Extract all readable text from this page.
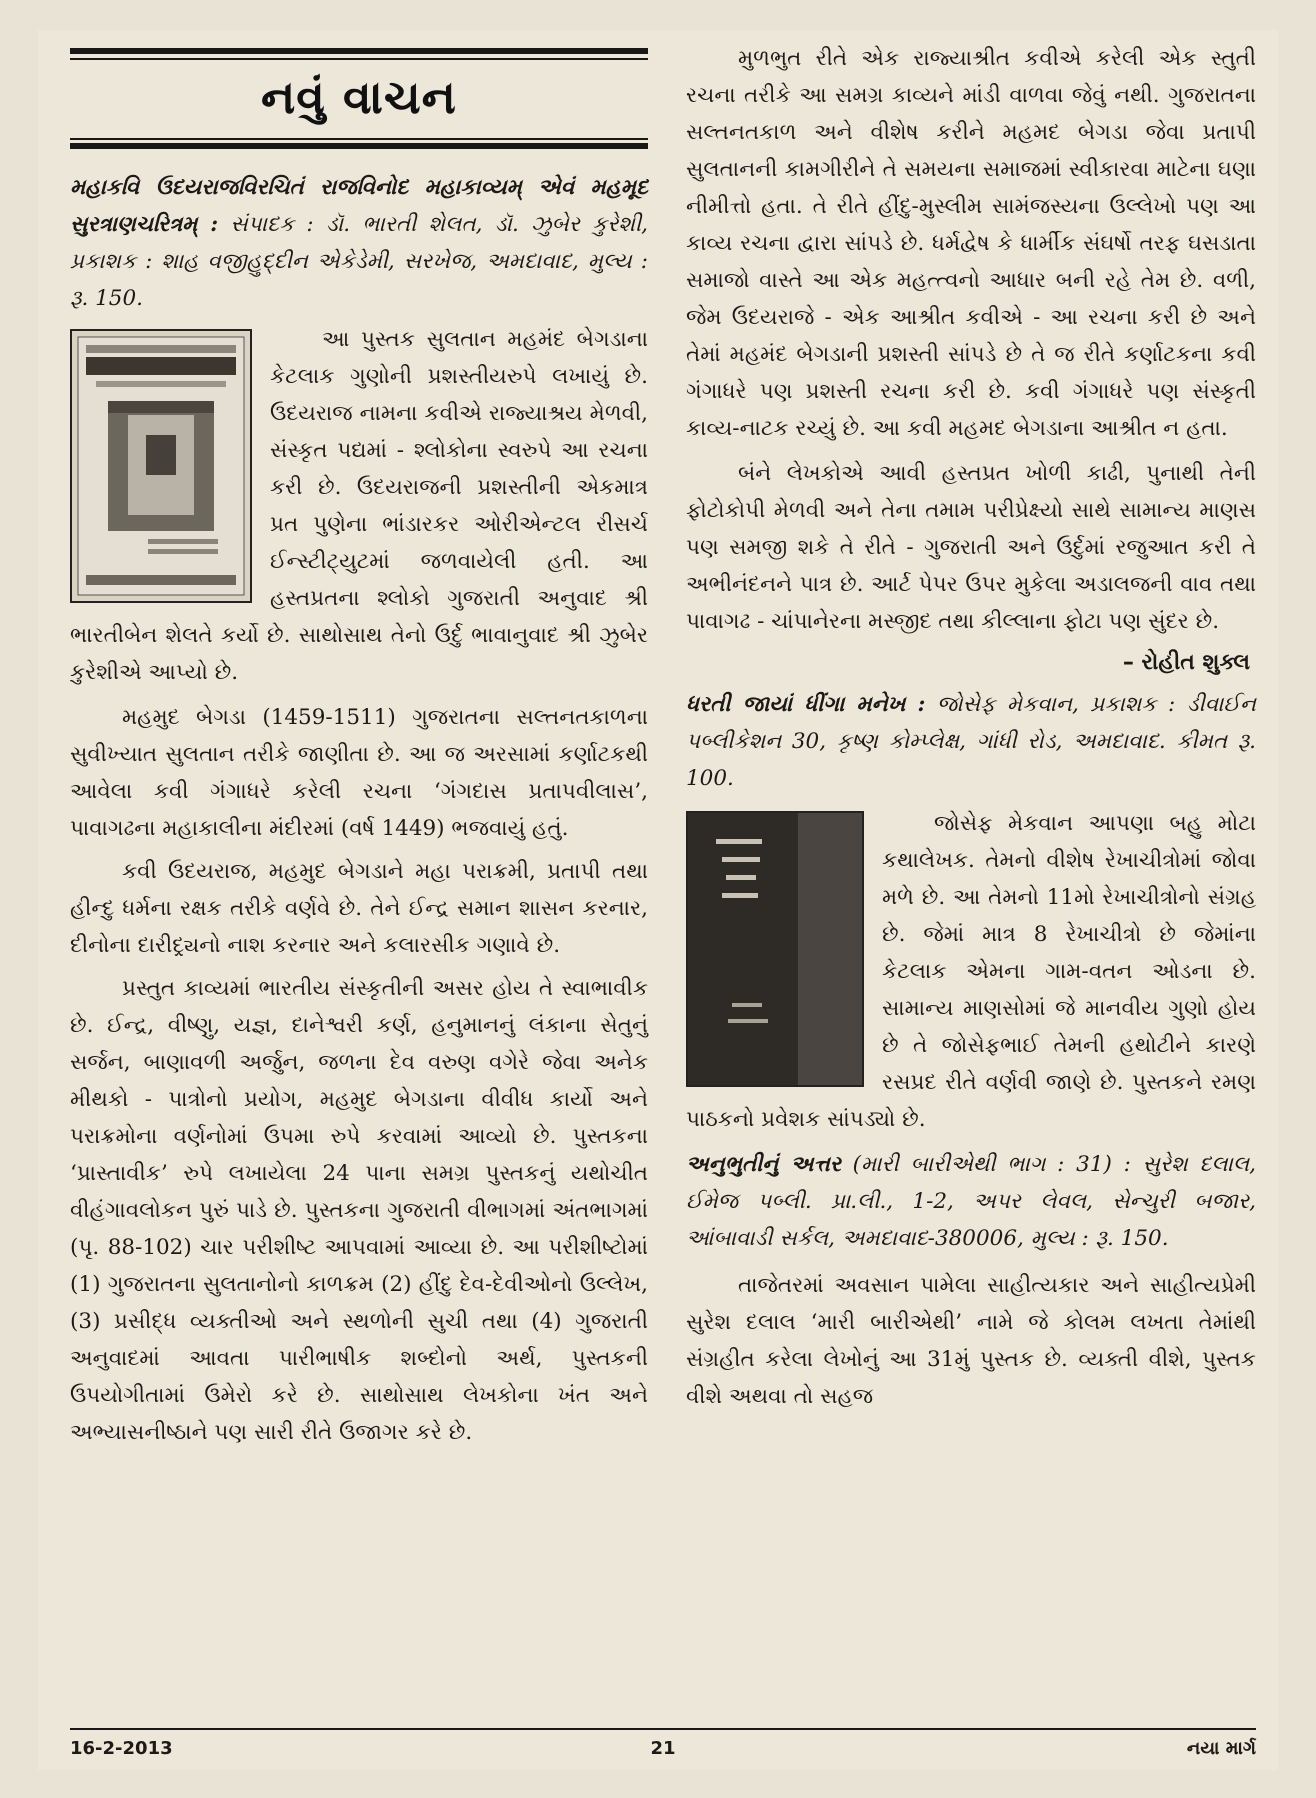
નવું વાચન

મહાકવિ ઉદયરાજવિરચિતં રાજવિનોદ મહાકાવ્યમ્ એવં મહમૂદ સુરત્રાણચરિત્રમ્ : સંપાદક : ડૉ. ભારતી શેલત, ડૉ. ઝુબેર કુરેશી, પ્રકાશક : શાહ વજીહુદ્દીન એકેડેમી, સરખેજ, અમદાવાદ, મુલ્ય : રૂ. 150.

આ પુસ્તક સુલતાન મહમંદ બેગડાના કેટલાક ગુણોની પ્રશસ્તીયરુપે લખાયું છે. ઉદયરાજ નામના કવીએ રાજ્યાશ્રય મેળવી, સંસ્કૃત પદ્યમાં - શ્લોકોના સ્વરુપે આ રચના કરી છે. ઉદયરાજની પ્રશસ્તીની એકમાત્ર પ્રત પુણેના ભાંડારકર ઓરીએન્ટલ રીસર્ચ ઈન્સ્ટીટ્યુટમાં જળવાયેલી હતી. આ હસ્તપ્રતના શ્લોકો ગુજરાતી અનુવાદ શ્રી ભારતીબેન શેલતે કર્યો છે. સાથોસાથ તેનો ઉર્દુ ભાવાનુવાદ શ્રી ઝુબેર કુરેશીએ આપ્યો છે.

મહમુદ બેગડા (1459-1511) ગુજરાતના સલ્તનતકાળના સુવીખ્યાત સુલતાન તરીકે જાણીતા છે. આ જ અરસામાં કર્ણાટકથી આવેલા કવી ગંગાધરે કરેલી રચના ‘ગંગદાસ પ્રતાપવીલાસ’, પાવાગઢના મહાકાલીના મંદીરમાં (વર્ષ 1449) ભજવાયું હતું.

કવી ઉદયરાજ, મહમુદ બેગડાને મહા પરાક્રમી, પ્રતાપી તથા હીન્દુ ધર્મના રક્ષક તરીકે વર્ણવે છે. તેને ઈન્દ્ર સમાન શાસન કરનાર, દીનોના દારીદ્ર્યનો નાશ કરનાર અને કલારસીક ગણાવે છે.

પ્રસ્તુત કાવ્યમાં ભારતીય સંસ્કૃતીની અસર હોય તે સ્વાભાવીક છે. ઈન્દ્ર, વીષ્ણુ, યજ્ઞ, દાનેશ્વરી કર્ણ, હનુમાનનું લંકાના સેતુનું સર્જન, બાણાવળી અર્જુન, જળના દેવ વરુણ વગેરે જેવા અનેક મીથકો - પાત્રોનો પ્રયોગ, મહમુદ બેગડાના વીવીધ કાર્યો અને પરાક્રમોના વર્ણનોમાં ઉપમા રુપે કરવામાં આવ્યો છે. પુસ્તકના ‘પ્રાસ્તાવીક’ રુપે લખાયેલા 24 પાના સમગ્ર પુસ્તકનું યથોચીત વીહંગાવલોકન પુરું પાડે છે. પુસ્તકના ગુજરાતી વીભાગમાં અંતભાગમાં (પૃ. 88-102) ચાર પરીશીષ્ટ આપવામાં આવ્યા છે. આ પરીશીષ્ટોમાં (1) ગુજરાતના સુલતાનોનો કાળક્રમ (2) હીંદુ દેવ-દેવીઓનો ઉલ્લેખ, (3) પ્રસીદ્ધ વ્યક્તીઓ અને સ્થળોની સુચી તથા (4) ગુજરાતી અનુવાદમાં આવતા પારીભાષીક શબ્દોનો અર્થ, પુસ્તકની ઉપયોગીતામાં ઉમેરો કરે છે. સાથોસાથ લેખકોના ખંત અને અભ્યાસનીષ્ઠાને પણ સારી રીતે ઉજાગર કરે છે.

મુળભુત રીતે એક રાજ્યાશ્રીત કવીએ કરેલી એક સ્તુતી રચના તરીકે આ સમગ્ર કાવ્યને માંડી વાળવા જેવું નથી. ગુજરાતના સલ્તનતકાળ અને વીશેષ કરીને મહમદ બેગડા જેવા પ્રતાપી સુલતાનની કામગીરીને તે સમયના સમાજમાં સ્વીકારવા માટેના ઘણા નીમીત્તો હતા. તે રીતે હીંદુ-મુસ્લીમ સામંજસ્યના ઉલ્લેખો પણ આ કાવ્ય રચના દ્વારા સાંપડે છે. ધર્મદ્વેષ કે ધાર્મીક સંઘર્ષો તરફ ઘસડાતા સમાજો વાસ્તે આ એક મહત્ત્વનો આધાર બની રહે તેમ છે. વળી, જેમ ઉદયરાજે - એક આશ્રીત કવીએ - આ રચના કરી છે અને તેમાં મહમંદ બેગડાની પ્રશસ્તી સાંપડે છે તે જ રીતે કર્ણાટકના કવી ગંગાધરે પણ પ્રશસ્તી રચના કરી છે. કવી ગંગાધરે પણ સંસ્કૃતી કાવ્ય-નાટક રચ્યું છે. આ કવી મહમદ બેગડાના આશ્રીત ન હતા.

બંને લેખકોએ આવી હસ્તપ્રત ખોળી કાઢી, પુનાથી તેની ફોટોકોપી મેળવી અને તેના તમામ પરીપ્રેક્ષ્યો સાથે સામાન્ય માણસ પણ સમજી શકે તે રીતે - ગુજરાતી અને ઉર્દુમાં રજુઆત કરી તે અભીનંદનને પાત્ર છે. આર્ટ પેપર ઉપર મુકેલા અડાલજની વાવ તથા પાવાગઢ - ચાંપાનેરના મસ્જીદ તથા કીલ્લાના ફોટા પણ સુંદર છે.

– રોહીત શુક્લ

ધરતી જાયાં ધીંગા મનેખ : જોસેફ મેકવાન, પ્રકાશક : ડીવાઈન પબ્લીકેશન 30, કૃષ્ણ કોમ્પ્લેક્ષ, ગાંધી રોડ, અમદાવાદ. કીમત રૂ. 100.

જોસેફ મેકવાન આપણા બહુ મોટા કથાલેખક. તેમનો વીશેષ રેખાચીત્રોમાં જોવા મળે છે. આ તેમનો 11મો રેખાચીત્રોનો સંગ્રહ છે. જેમાં માત્ર 8 રેખાચીત્રો છે જેમાંના કેટલાક એમના ગામ-વતન ઓડના છે. સામાન્ય માણસોમાં જે માનવીય ગુણો હોય છે તે જોસેફભાઈ તેમની હથોટીને કારણે રસપ્રદ રીતે વર્ણવી જાણે છે. પુસ્તકને રમણ પાઠકનો પ્રવેશક સાંપડ્યો છે.

અનુભુતીનું અત્તર (મારી બારીએથી ભાગ : 31) : સુરેશ દલાલ, ઈમેજ પબ્લી. પ્રા.લી., 1-2, અપર લેવલ, સેન્ચુરી બજાર, આંબાવાડી સર્કલ, અમદાવાદ-380006, મુલ્ય : રૂ. 150.

તાજેતરમાં અવસાન પામેલા સાહીત્યકાર અને સાહીત્યપ્રેમી સુરેશ દલાલ ‘મારી બારીએથી’ નામે જે કોલમ લખતા તેમાંથી સંગ્રહીત કરેલા લેખોનું આ 31મું પુસ્તક છે. વ્યક્તી વીશે, પુસ્તક વીશે અથવા તો સહજ

16-2-2013	21	નયા માર્ગ
